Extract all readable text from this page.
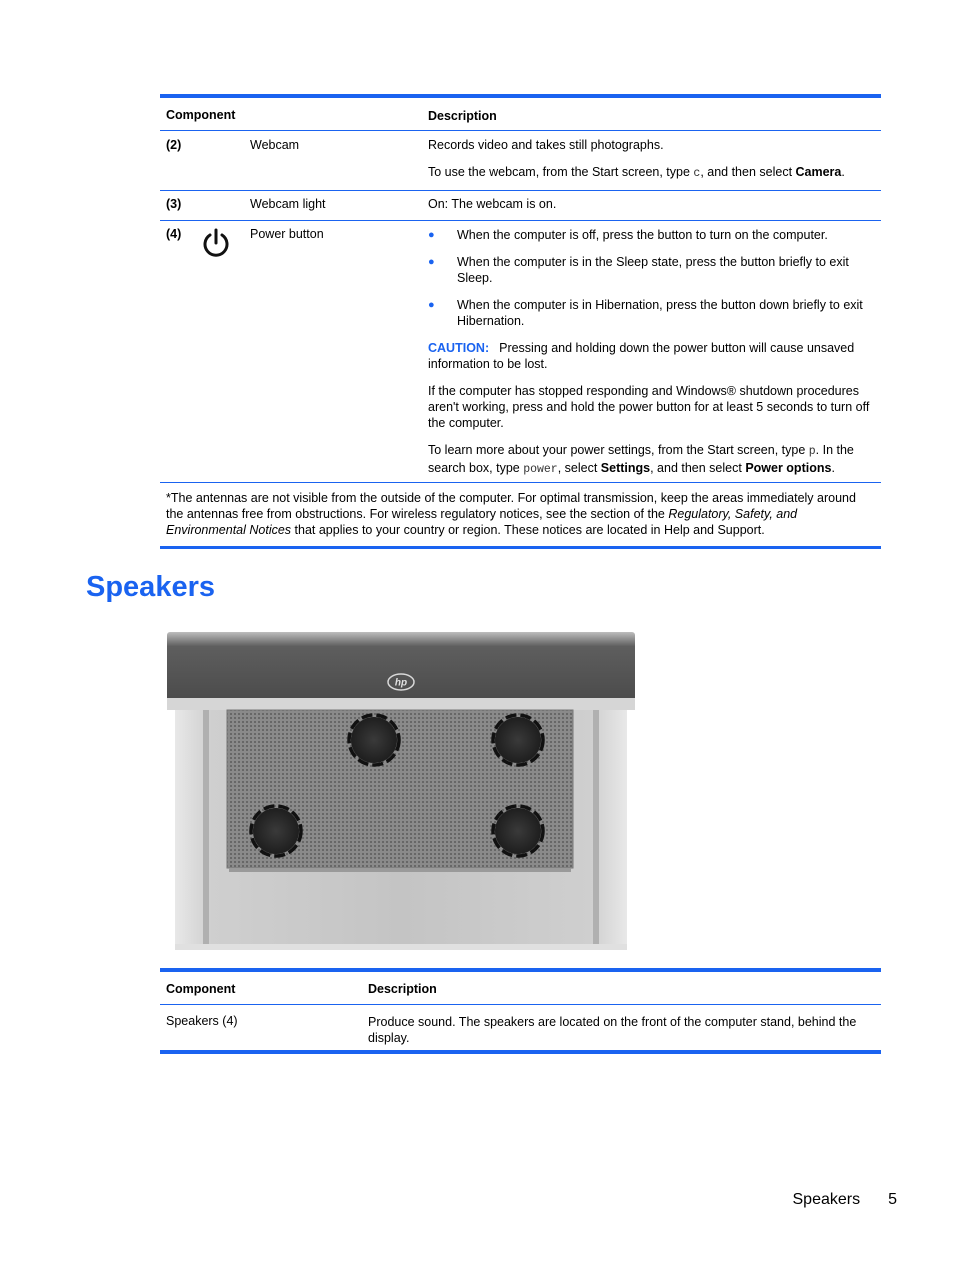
Component	Description
(2)	Webcam	Records video and takes still photographs.

To use the webcam, from the Start screen, type c, and then select Camera.

(3)	Webcam light	On: The webcam is on.
(4)	Power button	● When the computer is off, press the button to turn on the computer.
● When the computer is in the Sleep state, press the button briefly to exit Sleep.
● When the computer is in Hibernation, press the button down briefly to exit Hibernation.

CAUTION: Pressing and holding down the power button will cause unsaved information to be lost.

If the computer has stopped responding and Windows® shutdown procedures aren't working, press and hold the power button for at least 5 seconds to turn off the computer.

To learn more about your power settings, from the Start screen, type p. In the search box, type power, select Settings, and then select Power options.

*The antennas are not visible from the outside of the computer. For optimal transmission, keep the areas immediately around the antennas free from obstructions. For wireless regulatory notices, see the section of the Regulatory, Safety, and Environmental Notices that applies to your country or region. These notices are located in Help and Support.
Speakers
hp
Component	Description
Speakers (4)	Produce sound. The speakers are located on the front of the computer stand, behind the display.
Speakers 5
